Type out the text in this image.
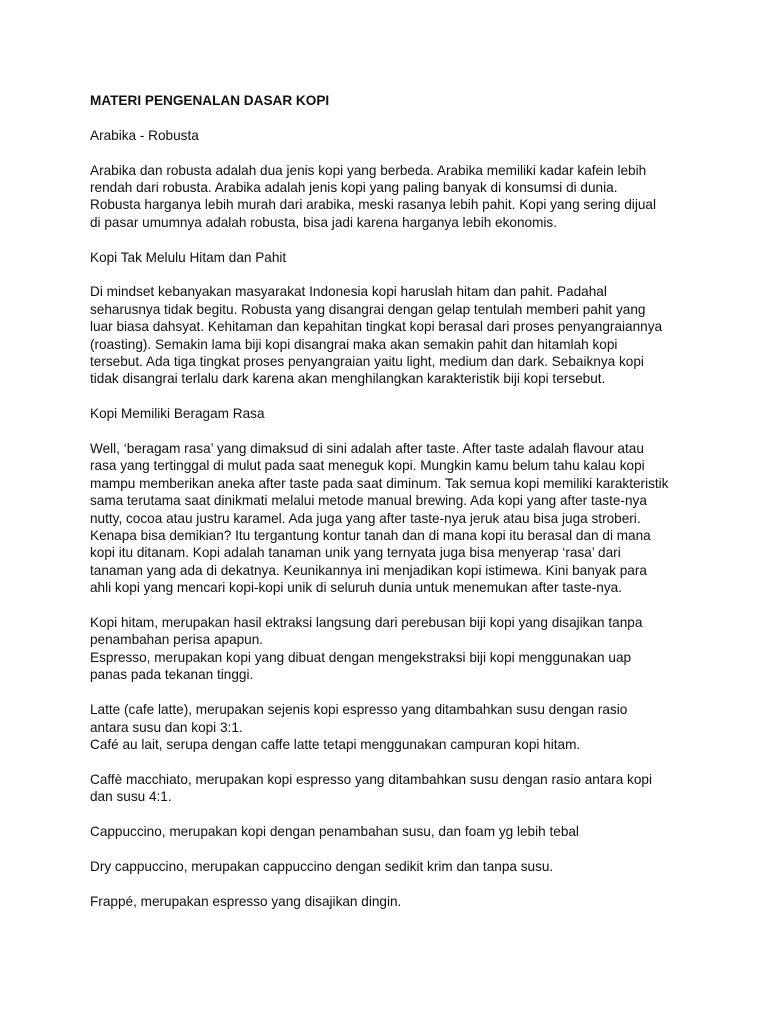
MATERI PENGENALAN DASAR KOPI
Arabika - Robusta
Arabika dan robusta adalah dua jenis kopi yang berbeda. Arabika memiliki kadar kafein lebih
rendah dari robusta. Arabika adalah jenis kopi yang paling banyak di konsumsi di dunia.
Robusta harganya lebih murah dari arabika, meski rasanya lebih pahit. Kopi yang sering dijual
di pasar umumnya adalah robusta, bisa jadi karena harganya lebih ekonomis.
Kopi Tak Melulu Hitam dan Pahit
Di mindset kebanyakan masyarakat Indonesia kopi haruslah hitam dan pahit. Padahal
seharusnya tidak begitu. Robusta yang disangrai dengan gelap tentulah memberi pahit yang
luar biasa dahsyat. Kehitaman dan kepahitan tingkat kopi berasal dari proses penyangraiannya
(roasting). Semakin lama biji kopi disangrai maka akan semakin pahit dan hitamlah kopi
tersebut. Ada tiga tingkat proses penyangraian yaitu light, medium dan dark. Sebaiknya kopi
tidak disangrai terlalu dark karena akan menghilangkan karakteristik biji kopi tersebut.
Kopi Memiliki Beragam Rasa
Well, ‘beragam rasa’ yang dimaksud di sini adalah after taste. After taste adalah flavour atau
rasa yang tertinggal di mulut pada saat meneguk kopi. Mungkin kamu belum tahu kalau kopi
mampu memberikan aneka after taste pada saat diminum. Tak semua kopi memiliki karakteristik
sama terutama saat dinikmati melalui metode manual brewing. Ada kopi yang after taste-nya
nutty, cocoa atau justru karamel. Ada juga yang after taste-nya jeruk atau bisa juga stroberi.
Kenapa bisa demikian? Itu tergantung kontur tanah dan di mana kopi itu berasal dan di mana
kopi itu ditanam. Kopi adalah tanaman unik yang ternyata juga bisa menyerap ‘rasa’ dari
tanaman yang ada di dekatnya. Keunikannya ini menjadikan kopi istimewa. Kini banyak para
ahli kopi yang mencari kopi-kopi unik di seluruh dunia untuk menemukan after taste-nya.
Kopi hitam, merupakan hasil ektraksi langsung dari perebusan biji kopi yang disajikan tanpa
penambahan perisa apapun.
Espresso, merupakan kopi yang dibuat dengan mengekstraksi biji kopi menggunakan uap
panas pada tekanan tinggi.
Latte (cafe latte), merupakan sejenis kopi espresso yang ditambahkan susu dengan rasio
antara susu dan kopi 3:1.
Café au lait, serupa dengan caffe latte tetapi menggunakan campuran kopi hitam.
Caffè macchiato, merupakan kopi espresso yang ditambahkan susu dengan rasio antara kopi
dan susu 4:1.
Cappuccino, merupakan kopi dengan penambahan susu, dan foam yg lebih tebal
Dry cappuccino, merupakan cappuccino dengan sedikit krim dan tanpa susu.
Frappé, merupakan espresso yang disajikan dingin.
